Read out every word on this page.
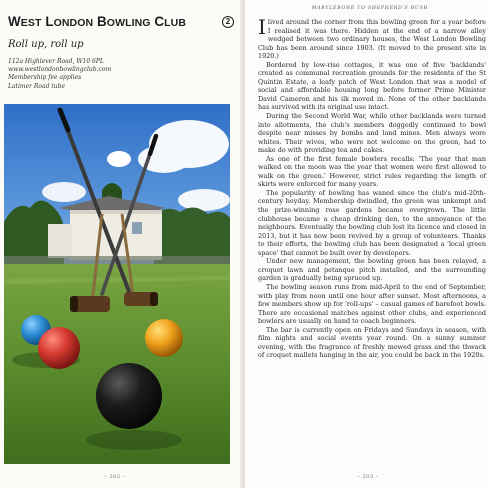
WEST LONDON BOWLING CLUB	2
Roll up, roll up
112a Highlever Road, W10 6PL
www.westlondonbowlingclub.com
Membership fee applies
Latimer Road tube
– 202 –
MARYLEBONE TO SHEPHERD'S BUSH

Ilived around the corner from this bowling green for a year before I realised it was there. Hidden at the end of a narrow alley wedged between two ordinary houses, the West London Bowling Club has been around since 1903. (It moved to the present site in 1920.)

Bordered by low-rise cottages, it was one of five 'backlands' created as communal recreation grounds for the residents of the St Quintin Estate, a leafy patch of West London that was a model of social and affordable housing long before former Prime Minister David Cameron and his ilk moved in. None of the other backlands has survived with its original use intact.

During the Second World War, while other backlands were turned into allotments, the club's members doggedly continued to bowl despite near misses by bombs and land mines. Men always wore whites. Their wives, who were not welcome on the green, had to make do with providing tea and cakes.

As one of the first female bowlers recalls: 'The year that man walked on the moon was the year that women were first allowed to walk on the green.' However, strict rules regarding the length of skirts were enforced for many years.

The popularity of bowling has waned since the club's mid-20th-century heyday. Membership dwindled, the green was unkempt and the prize-winning rose gardens became overgrown. The little clubhouse became a cheap drinking den, to the annoyance of the neighbours. Eventually the bowling club lost its licence and closed in 2013, but it has now been revived by a group of volunteers. Thanks to their efforts, the bowling club has been designated a 'local green space' that cannot be built over by developers.

Under new management, the bowling green has been relayed, a croquet lawn and petanque pitch installed, and the surrounding garden is gradually being spruced up.

The bowling season runs from mid-April to the end of September, with play from noon until one hour after sunset. Most afternoons, a few members show up for 'roll-ups' – casual games of barefoot bowls. There are occasional matches against other clubs, and experienced bowlers are usually on hand to coach beginners.

The bar is currently open on Fridays and Sundays in season, with film nights and social events year round. On a sunny summer evening, with the fragrance of freshly mowed grass and the thwack of croquet mallets hanging in the air, you could be back in the 1920s.

– 203 –
